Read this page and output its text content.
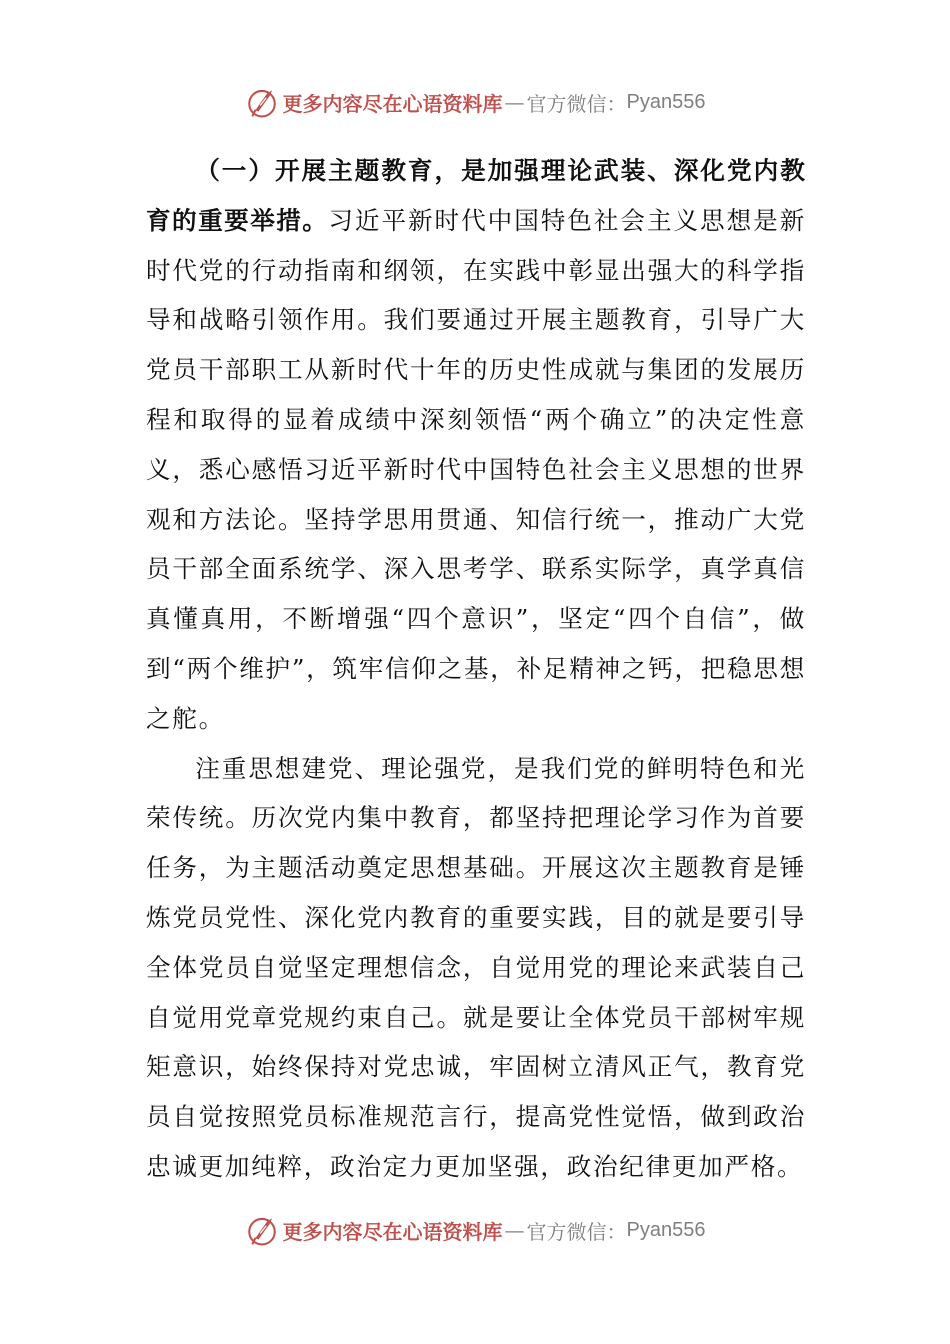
更多内容尽在心语资料库 — 官方微信： Pyan556

（一）开展主题教育，是加强理论武装、深化党内教育的重要举措。习近平新时代中国特色社会主义思想是新时代党的行动指南和纲领，在实践中彰显出强大的科学指导和战略引领作用。我们要通过开展主题教育，引导广大党员干部职工从新时代十年的历史性成就与集团的发展历程和取得的显着成绩中深刻领悟“两个确立”的决定性意义，悉心感悟习近平新时代中国特色社会主义思想的世界观和方法论。坚持学思用贯通、知信行统一，推动广大党员干部全面系统学、深入思考学、联系实际学，真学真信真懂真用，不断增强“四个意识”，坚定“四个自信”，做到“两个维护”，筑牢信仰之基，补足精神之钙，把稳思想之舵。

注重思想建党、理论强党，是我们党的鲜明特色和光荣传统。历次党内集中教育，都坚持把理论学习作为首要任务，为主题活动奠定思想基础。开展这次主题教育是锤炼党员党性、深化党内教育的重要实践，目的就是要引导全体党员自觉坚定理想信念，自觉用党的理论来武装自己自觉用党章党规约束自己。就是要让全体党员干部树牢规矩意识，始终保持对党忠诚，牢固树立清风正气，教育党员自觉按照党员标准规范言行，提高党性觉悟，做到政治忠诚更加纯粹，政治定力更加坚强，政治纪律更加严格。

更多内容尽在心语资料库 — 官方微信： Pyan556
